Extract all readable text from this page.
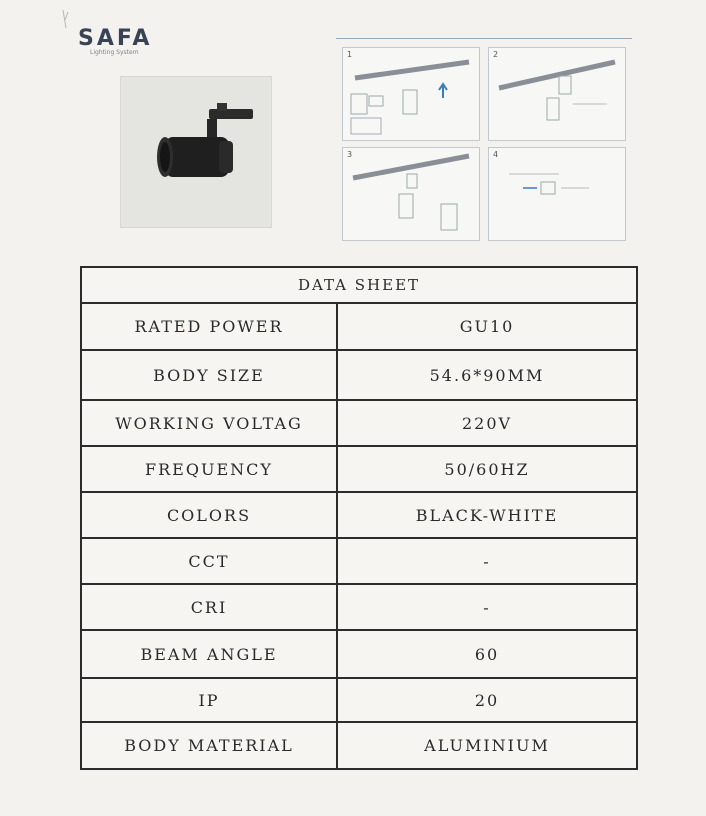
SAFA
Lighting System	1	2
3	4
DATA SHEET
RATED POWER	GU10
BODY SIZE	54.6*90MM
WORKING VOLTAG	220V
FREQUENCY	50/60HZ
COLORS	BLACK-WHITE
CCT	-
CRI	-
BEAM ANGLE	60
IP	20
BODY MATERIAL	ALUMINIUM
